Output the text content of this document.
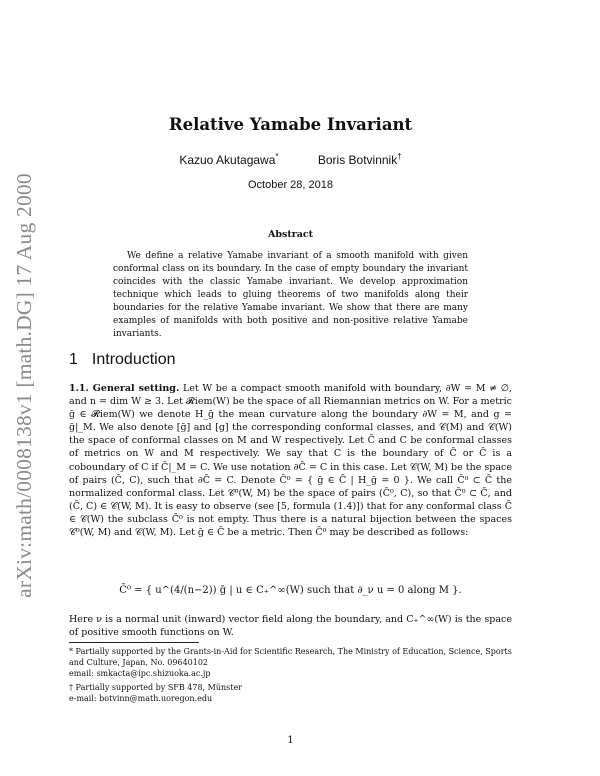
arXiv:math/0008138v1 [math.DG] 17 Aug 2000
Relative Yamabe Invariant
Kazuo Akutagawa*	Boris Botvinnik†
October 28, 2018
Abstract

We define a relative Yamabe invariant of a smooth manifold with given conformal class on its boundary. In the case of empty boundary the invariant coincides with the classic Yamabe invariant. We develop approximation technique which leads to gluing theorems of two manifolds along their boundaries for the relative Yamabe invariant. We show that there are many examples of manifolds with both positive and non-positive relative Yamabe invariants.

1 Introduction

1.1. General setting. Let W be a compact smooth manifold with boundary, ∂W = M ≠ ∅, and n = dim W ≥ 3. Let 𝓡iem(W) be the space of all Riemannian metrics on W. For a metric ḡ ∈ 𝓡iem(W) we denote H_ḡ the mean curvature along the boundary ∂W = M, and g = ḡ|_M. We also denote [ḡ] and [g] the corresponding conformal classes, and 𝒞(M) and 𝒞(W) the space of conformal classes on M and W respectively. Let C̄ and C be conformal classes of metrics on W and M respectively. We say that C is the boundary of C̄ or C̄ is a coboundary of C if C̄|_M = C. We use notation ∂C̄ = C in this case. Let 𝒞(W, M) be the space of pairs (C̄, C), such that ∂C̄ = C. Denote C̄⁰ = { ḡ ∈ C̄ | H_ḡ = 0 }. We call C̄⁰ ⊂ C̄ the normalized conformal class. Let 𝒞⁰(W, M) be the space of pairs (C̄⁰, C), so that C̄⁰ ⊂ C̄, and (C̄, C) ∈ 𝒞(W, M). It is easy to observe (see [5, formula (1.4)]) that for any conformal class C̄ ∈ 𝒞(W) the subclass C̄⁰ is not empty. Thus there is a natural bijection between the spaces 𝒞⁰(W, M) and 𝒞(W, M). Let ḡ ∈ C̄ be a metric. Then C̄⁰ may be described as follows:

C̄⁰ = { u^(4/(n−2)) ḡ | u ∈ C₊^∞(W) such that ∂_ν u = 0 along M }.

Here ν is a normal unit (inward) vector field along the boundary, and C₊^∞(W) is the space of positive smooth functions on W.

* Partially supported by the Grants-in-Aid for Scientific Research, The Ministry of Education, Science, Sports and Culture, Japan, No. 09640102
email: smkacta@ipc.shizuoka.ac.jp

† Partially supported by SFB 478, Münster
e-mail: botvinn@math.uoregon.edu

1
